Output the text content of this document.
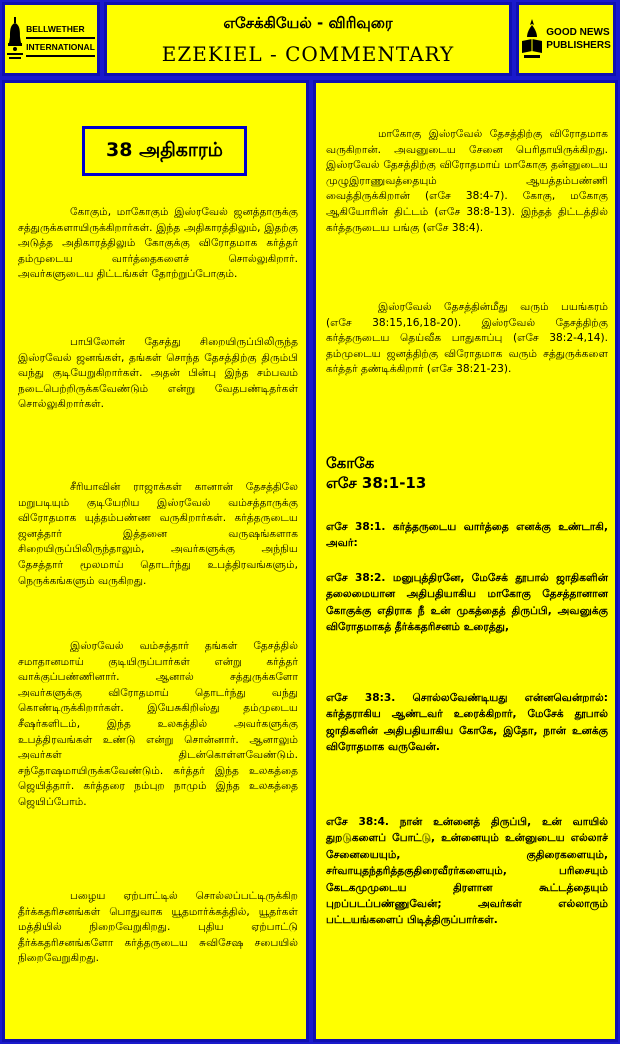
BELLWETHER
INTERNATIONAL
எசேக்கியேல் - விரிவுரை
EZEKIEL - COMMENTARY
GOOD NEWS
PUBLISHERS
38 அதிகாரம்

கோகும், மாகோகும் இஸ்ரவேல் ஜனத்தாருக்கு சத்துருக்களாயிருக்கிறார்கள். இந்த அதிகாரத்திலும், இதற்கு அடுத்த அதிகாரத்திலும் கோகுக்கு விரோதமாக கர்த்தர் தம்முடைய வார்த்தைகளைச் சொல்லுகிறார். அவர்களுடைய திட்டங்கள் தோற்றுப்போகும்.

பாபிலோன் தேசத்து சிறையிருப்பிலிருந்த இஸ்ரவேல் ஜனங்கள், தங்கள் சொந்த தேசத்திற்கு திரும்பி வந்து குடியேறுகிறார்கள். அதன் பின்பு இந்த சம்பவம் நடைபெற்றிருக்கவேண்டும் என்று வேதபண்டிதர்கள் சொல்லுகிறார்கள்.

சீரியாவின் ராஜாக்கள் கானான் தேசத்திலே மறுபடியும் குடியேறிய இஸ்ரவேல் வம்சத்தாருக்கு விரோதமாக யுத்தம்பண்ண வருகிறார்கள். கர்த்தருடைய ஜனத்தார் இத்தனை வருஷங்களாக சிறையிருப்பிலிருந்தாலும், அவர்களுக்கு அந்நிய தேசத்தார் மூலமாய் தொடர்ந்து உபத்திரவங்களும், நெருக்கங்களும் வருகிறது.

இஸ்ரவேல் வம்சத்தார் தங்கள் தேசத்தில் சமாதானமாய் குடியிருப்பார்கள் என்று கர்த்தர் வாக்குப்பண்ணினார். ஆனால் சத்துருக்களோ அவர்களுக்கு விரோதமாய் தொடர்ந்து வந்து கொண்டிருக்கிறார்கள். இயேசுகிறிஸ்து தம்முடைய சீஷர்களிடம், இந்த உலகத்தில் அவர்களுக்கு உபத்திரவங்கள் உண்டு என்று சொன்னார். ஆனாலும் அவர்கள் திடன்கொள்ளவேண்டும். சந்தோஷமாயிருக்கவேண்டும். கர்த்தர் இந்த உலகத்தை ஜெயித்தார். கர்த்தரை நம்புற நாமும் இந்த உலகத்தை ஜெயிப்போம்.

பழைய ஏற்பாட்டில் சொல்லப்பட்டிருக்கிற தீர்க்கதரிசனங்கள் பொதுவாக யூதமார்க்கத்தில், யூதர்கள் மத்தியில் நிறைவேறுகிறது. புதிய ஏற்பாட்டு தீர்க்கதரிசனங்களோ கர்த்தருடைய சுவிசேஷ சபையில் நிறைவேறுகிறது.

மாகோகு இஸ்ரவேல் தேசத்திற்கு விரோதமாக வருகிறான். அவனுடைய சேனை பெரிதாயிருக்கிறது. இஸ்ரவேல் தேசத்திற்கு விரோதமாய் மாகோகு தன்னுடைய முழுஇராணுவத்தையும் ஆயத்தம்பண்ணி வைத்திருக்கிறான் (எசே 38:4-7). கோகு, மகோகு ஆகியோரின் திட்டம் (எசே 38:8-13). இந்தத் திட்டத்தில் கர்த்தருடைய பங்கு (எசே 38:4).

இஸ்ரவேல் தேசத்தின்மீது வரும் பயங்கரம் (எசே 38:15,16,18-20). இஸ்ரவேல் தேசத்திற்கு கர்த்தருடைய தெய்வீக பாதுகாப்பு (எசே 38:2-4,14). தம்முடைய ஜனத்திற்கு விரோதமாக வரும் சத்துருக்களை கர்த்தர் தண்டிக்கிறார் (எசே 38:21-23).

கோகே
எசே 38:1-13
எசே 38:1. கர்த்தருடைய வார்த்தை எனக்கு உண்டாகி, அவர்:
எசே 38:2. மனுபுத்திரனே, மேசேக் தூபால் ஜாதிகளின் தலைமையான அதிபதியாகிய மாகோகு தேசத்தானான கோகுக்கு எதிராக நீ உன் முகத்தைத் திருப்பி, அவனுக்கு விரோதமாகத் தீர்க்கதரிசனம் உரைத்து,
எசே 38:3. சொல்லவேண்டியது என்னவென்றால்: கர்த்தராகிய ஆண்டவர் உரைக்கிறார், மேசேக் தூபால் ஜாதிகளின் அதிபதியாகிய கோகே, இதோ, நான் உனக்கு விரோதமாக வருவேன்.
எசே 38:4. நான் உன்னைத் திருப்பி, உன் வாயில் துறடுகளைப் போட்டு, உன்னையும் உன்னுடைய எல்லாச் சேனையையும், குதிரைகளையும், சர்வாயுதந்தரித்தகுதிரைவீரர்களையும், பரிசையும் கேடகமுமுடைய திரளான கூட்டத்தையும் புறப்படப்பண்ணுவேன்; அவர்கள் எல்லாரும் பட்டயங்களைப் பிடித்திருப்பார்கள்.
